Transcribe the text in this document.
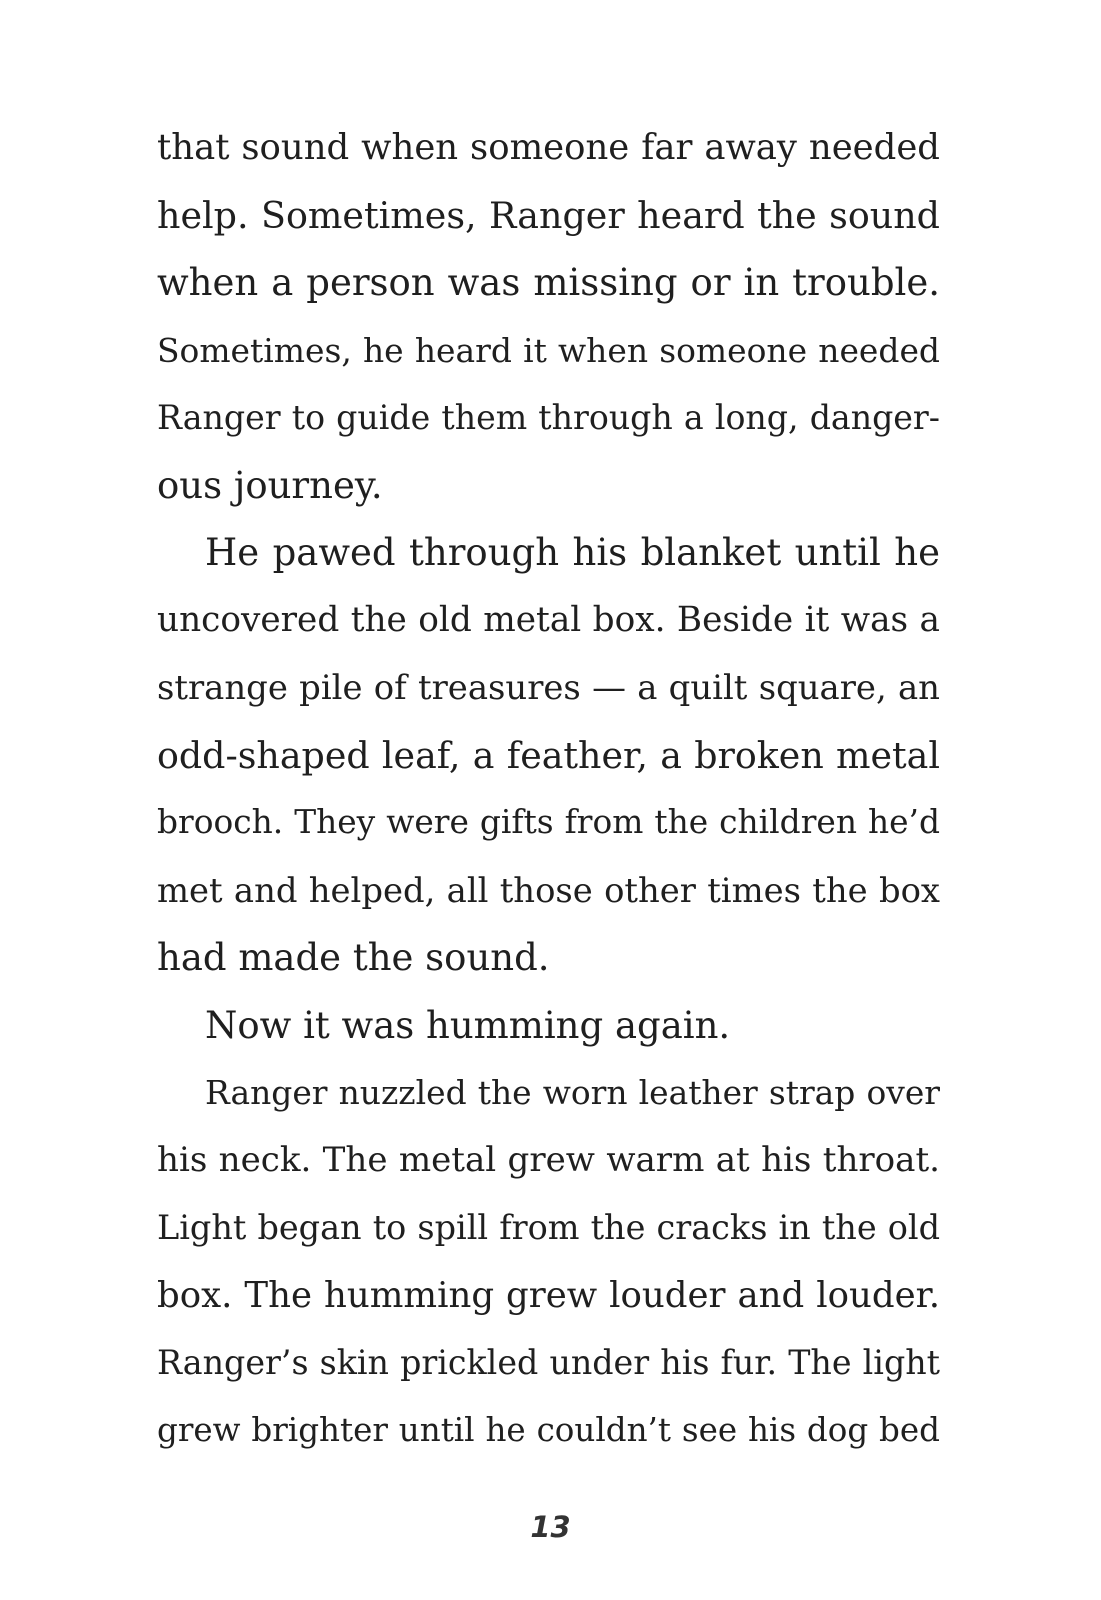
that sound when someone far away needed
help. Sometimes, Ranger heard the sound
when a person was missing or in trouble.
Sometimes, he heard it when someone needed
Ranger to guide them through a long, danger-
ous journey.
He pawed through his blanket until he
uncovered the old metal box. Beside it was a
strange pile of treasures — a quilt square, an
odd-shaped leaf, a feather, a broken metal
brooch. They were gifts from the children he’d
met and helped, all those other times the box
had made the sound.
Now it was humming again.
Ranger nuzzled the worn leather strap over
his neck. The metal grew warm at his throat.
Light began to spill from the cracks in the old
box. The humming grew louder and louder.
Ranger’s skin prickled under his fur. The light
grew brighter until he couldn’t see his dog bed
13
